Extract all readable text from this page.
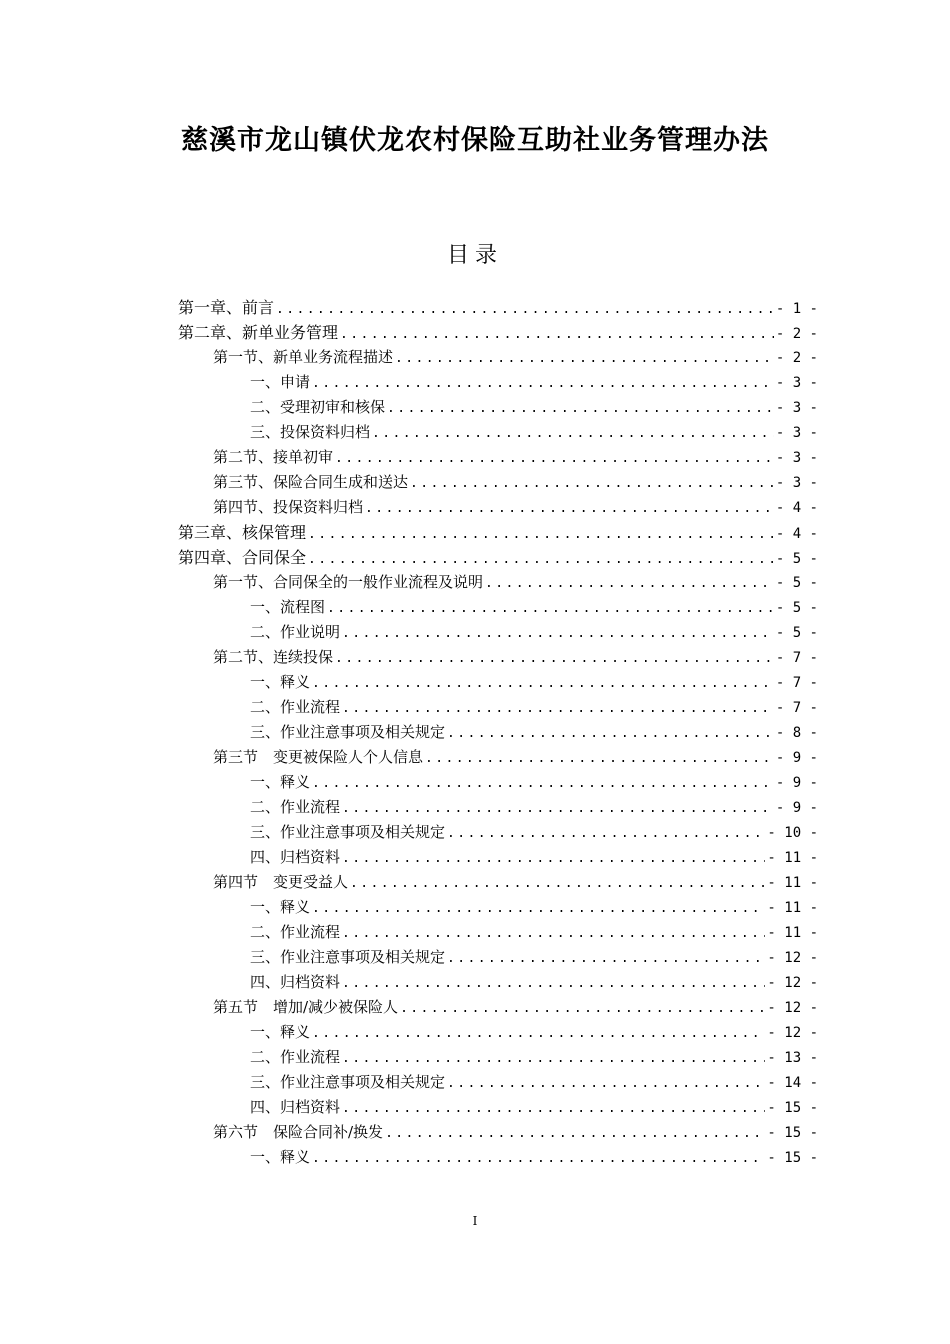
慈溪市龙山镇伏龙农村保险互助社业务管理办法
目录
第一章、前言 .....	- 1 -
第二章、新单业务管理 .....	- 2 -
第一节、新单业务流程描述 .....	- 2 -
一、申请 .....	- 3 -
二、受理初审和核保 .....	- 3 -
三、投保资料归档 .....	- 3 -
第二节、接单初审 .....	- 3 -
第三节、保险合同生成和送达 .....	- 3 -
第四节、投保资料归档 .....	- 4 -
第三章、核保管理 .....	- 4 -
第四章、合同保全 .....	- 5 -
第一节、合同保全的一般作业流程及说明 .....	- 5 -
一、流程图 .....	- 5 -
二、作业说明 .....	- 5 -
第二节、连续投保 .....	- 7 -
一、释义 .....	- 7 -
二、作业流程 .....	- 7 -
三、作业注意事项及相关规定 .....	- 8 -
第三节　变更被保险人个人信息 .....	- 9 -
一、释义 .....	- 9 -
二、作业流程 .....	- 9 -
三、作业注意事项及相关规定 .....	- 10 -
四、归档资料 .....	- 11 -
第四节　变更受益人 .....	- 11 -
一、释义 .....	- 11 -
二、作业流程 .....	- 11 -
三、作业注意事项及相关规定 .....	- 12 -
四、归档资料 .....	- 12 -
第五节　增加/减少被保险人 .....	- 12 -
一、释义 .....	- 12 -
二、作业流程 .....	- 13 -
三、作业注意事项及相关规定 .....	- 14 -
四、归档资料 .....	- 15 -
第六节　保险合同补/换发 .....	- 15 -
一、释义 .....	- 15 -
I
